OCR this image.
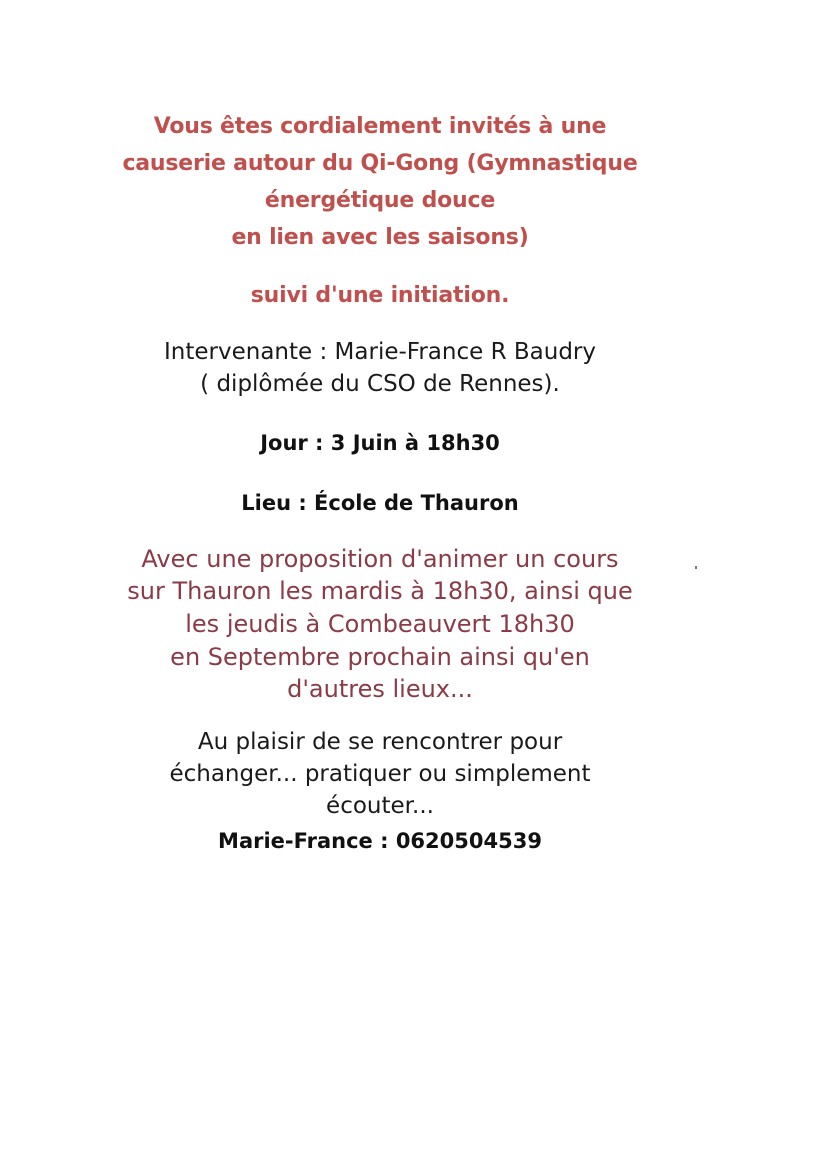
Vous êtes cordialement invités à une
causerie autour du Qi-Gong (Gymnastique
énergétique douce
en lien avec les saisons)
suivi d'une initiation.
Intervenante : Marie-France R Baudry
( diplômée du CSO de Rennes).
Jour : 3 Juin à 18h30
Lieu : École de Thauron
Avec une proposition d'animer un cours
sur Thauron les mardis à 18h30, ainsi que
les jeudis à Combeauvert 18h30
en Septembre prochain ainsi qu'en
d'autres lieux...
Au plaisir de se rencontrer pour
échanger... pratiquer ou simplement
écouter...
Marie-France : 0620504539
